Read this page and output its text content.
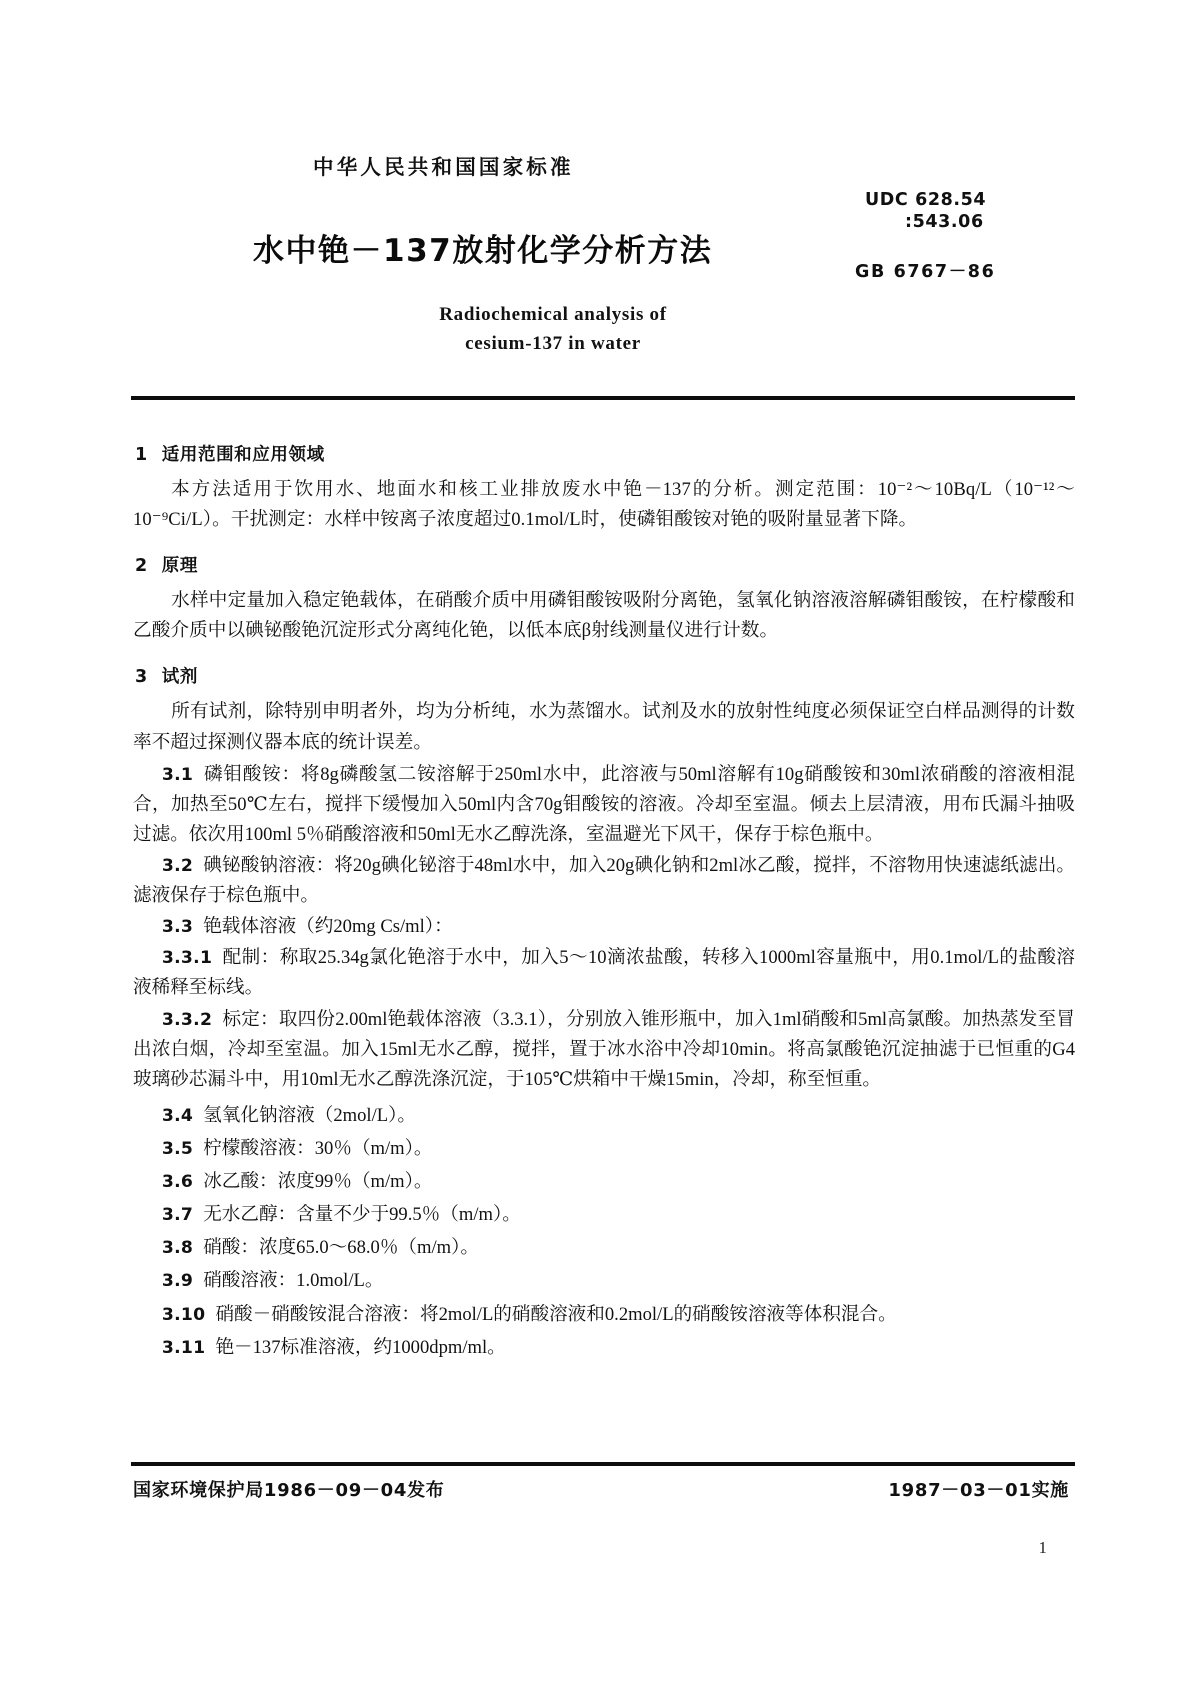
中华人民共和国国家标准
水中铯－137放射化学分析方法
Radiochemical analysis of
cesium-137 in water
UDC 628.54
:543.06
GB 6767－86
1 适用范围和应用领域

本方法适用于饮用水、地面水和核工业排放废水中铯－137的分析。测定范围：10⁻²～10Bq/L（10⁻¹²～10⁻⁹Ci/L）。干扰测定：水样中铵离子浓度超过0.1mol/L时，使磷钼酸铵对铯的吸附量显著下降。

2 原理

水样中定量加入稳定铯载体，在硝酸介质中用磷钼酸铵吸附分离铯，氢氧化钠溶液溶解磷钼酸铵，在柠檬酸和乙酸介质中以碘铋酸铯沉淀形式分离纯化铯，以低本底β射线测量仪进行计数。

3 试剂

所有试剂，除特别申明者外，均为分析纯，水为蒸馏水。试剂及水的放射性纯度必须保证空白样品测得的计数率不超过探测仪器本底的统计误差。

3.1 磷钼酸铵：将8g磷酸氢二铵溶解于250ml水中，此溶液与50ml溶解有10g硝酸铵和30ml浓硝酸的溶液相混合，加热至50℃左右，搅拌下缓慢加入50ml内含70g钼酸铵的溶液。冷却至室温。倾去上层清液，用布氏漏斗抽吸过滤。依次用100ml 5％硝酸溶液和50ml无水乙醇洗涤，室温避光下风干，保存于棕色瓶中。

3.2 碘铋酸钠溶液：将20g碘化铋溶于48ml水中，加入20g碘化钠和2ml冰乙酸，搅拌，不溶物用快速滤纸滤出。滤液保存于棕色瓶中。

3.3 铯载体溶液（约20mg Cs/ml）：

3.3.1 配制：称取25.34g氯化铯溶于水中，加入5～10滴浓盐酸，转移入1000ml容量瓶中，用0.1mol/L的盐酸溶液稀释至标线。

3.3.2 标定：取四份2.00ml铯载体溶液（3.3.1），分别放入锥形瓶中，加入1ml硝酸和5ml高氯酸。加热蒸发至冒出浓白烟，冷却至室温。加入15ml无水乙醇，搅拌，置于冰水浴中冷却10min。将高氯酸铯沉淀抽滤于已恒重的G4玻璃砂芯漏斗中，用10ml无水乙醇洗涤沉淀，于105℃烘箱中干燥15min，冷却，称至恒重。

3.4 氢氧化钠溶液（2mol/L）。

3.5 柠檬酸溶液：30％（m/m）。

3.6 冰乙酸：浓度99％（m/m）。

3.7 无水乙醇：含量不少于99.5％（m/m）。

3.8 硝酸：浓度65.0～68.0％（m/m）。

3.9 硝酸溶液：1.0mol/L。

3.10 硝酸－硝酸铵混合溶液：将2mol/L的硝酸溶液和0.2mol/L的硝酸铵溶液等体积混合。

3.11 铯－137标准溶液，约1000dpm/ml。

国家环境保护局1986－09－04发布	1987－03－01实施
1
